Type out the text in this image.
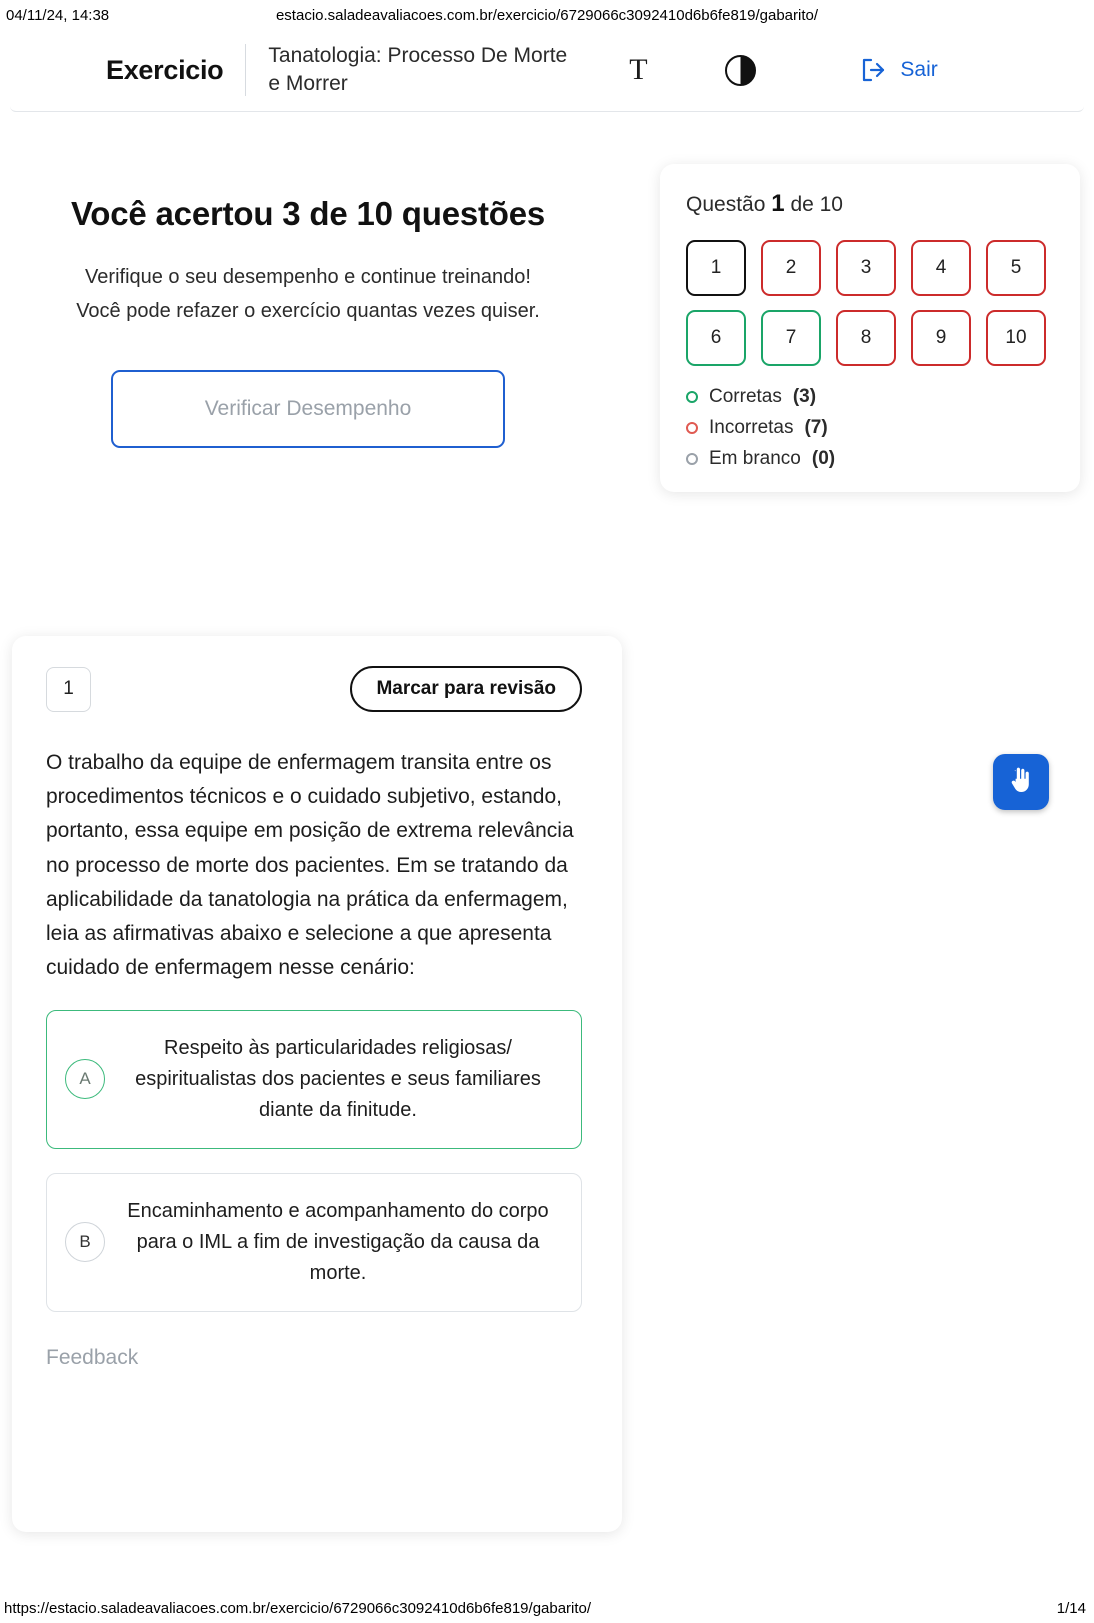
04/11/24, 14:38	estacio.saladeavaliacoes.com.br/exercicio/6729066c3092410d6b6fe819/gabarito/
Exercicio Tanatologia: Processo De Morte e Morrer	T	Sair
Você acertou 3 de 10 questões

Verifique o seu desempenho e continue treinando! Você pode refazer o exercício quantas vezes quiser.

Verificar Desempenho
Questão 1 de 10
1	2	3	4	5
6	7	8	9	10
Corretas (3)
Incorretas (7)
Em branco (0)
1	Marcar para revisão
O trabalho da equipe de enfermagem transita entre os procedimentos técnicos e o cuidado subjetivo, estando, portanto, essa equipe em posição de extrema relevância no processo de morte dos pacientes. Em se tratando da aplicabilidade da tanatologia na prática da enfermagem, leia as afirmativas abaixo e selecione a que apresenta cuidado de enfermagem nesse cenário:
A
Respeito às particularidades religiosas/ espiritualistas dos pacientes e seus familiares diante da finitude.
B
Encaminhamento e acompanhamento do corpo para o IML a fim de investigação da causa da morte.
Feedback
https://estacio.saladeavaliacoes.com.br/exercicio/6729066c3092410d6b6fe819/gabarito/	1/14
